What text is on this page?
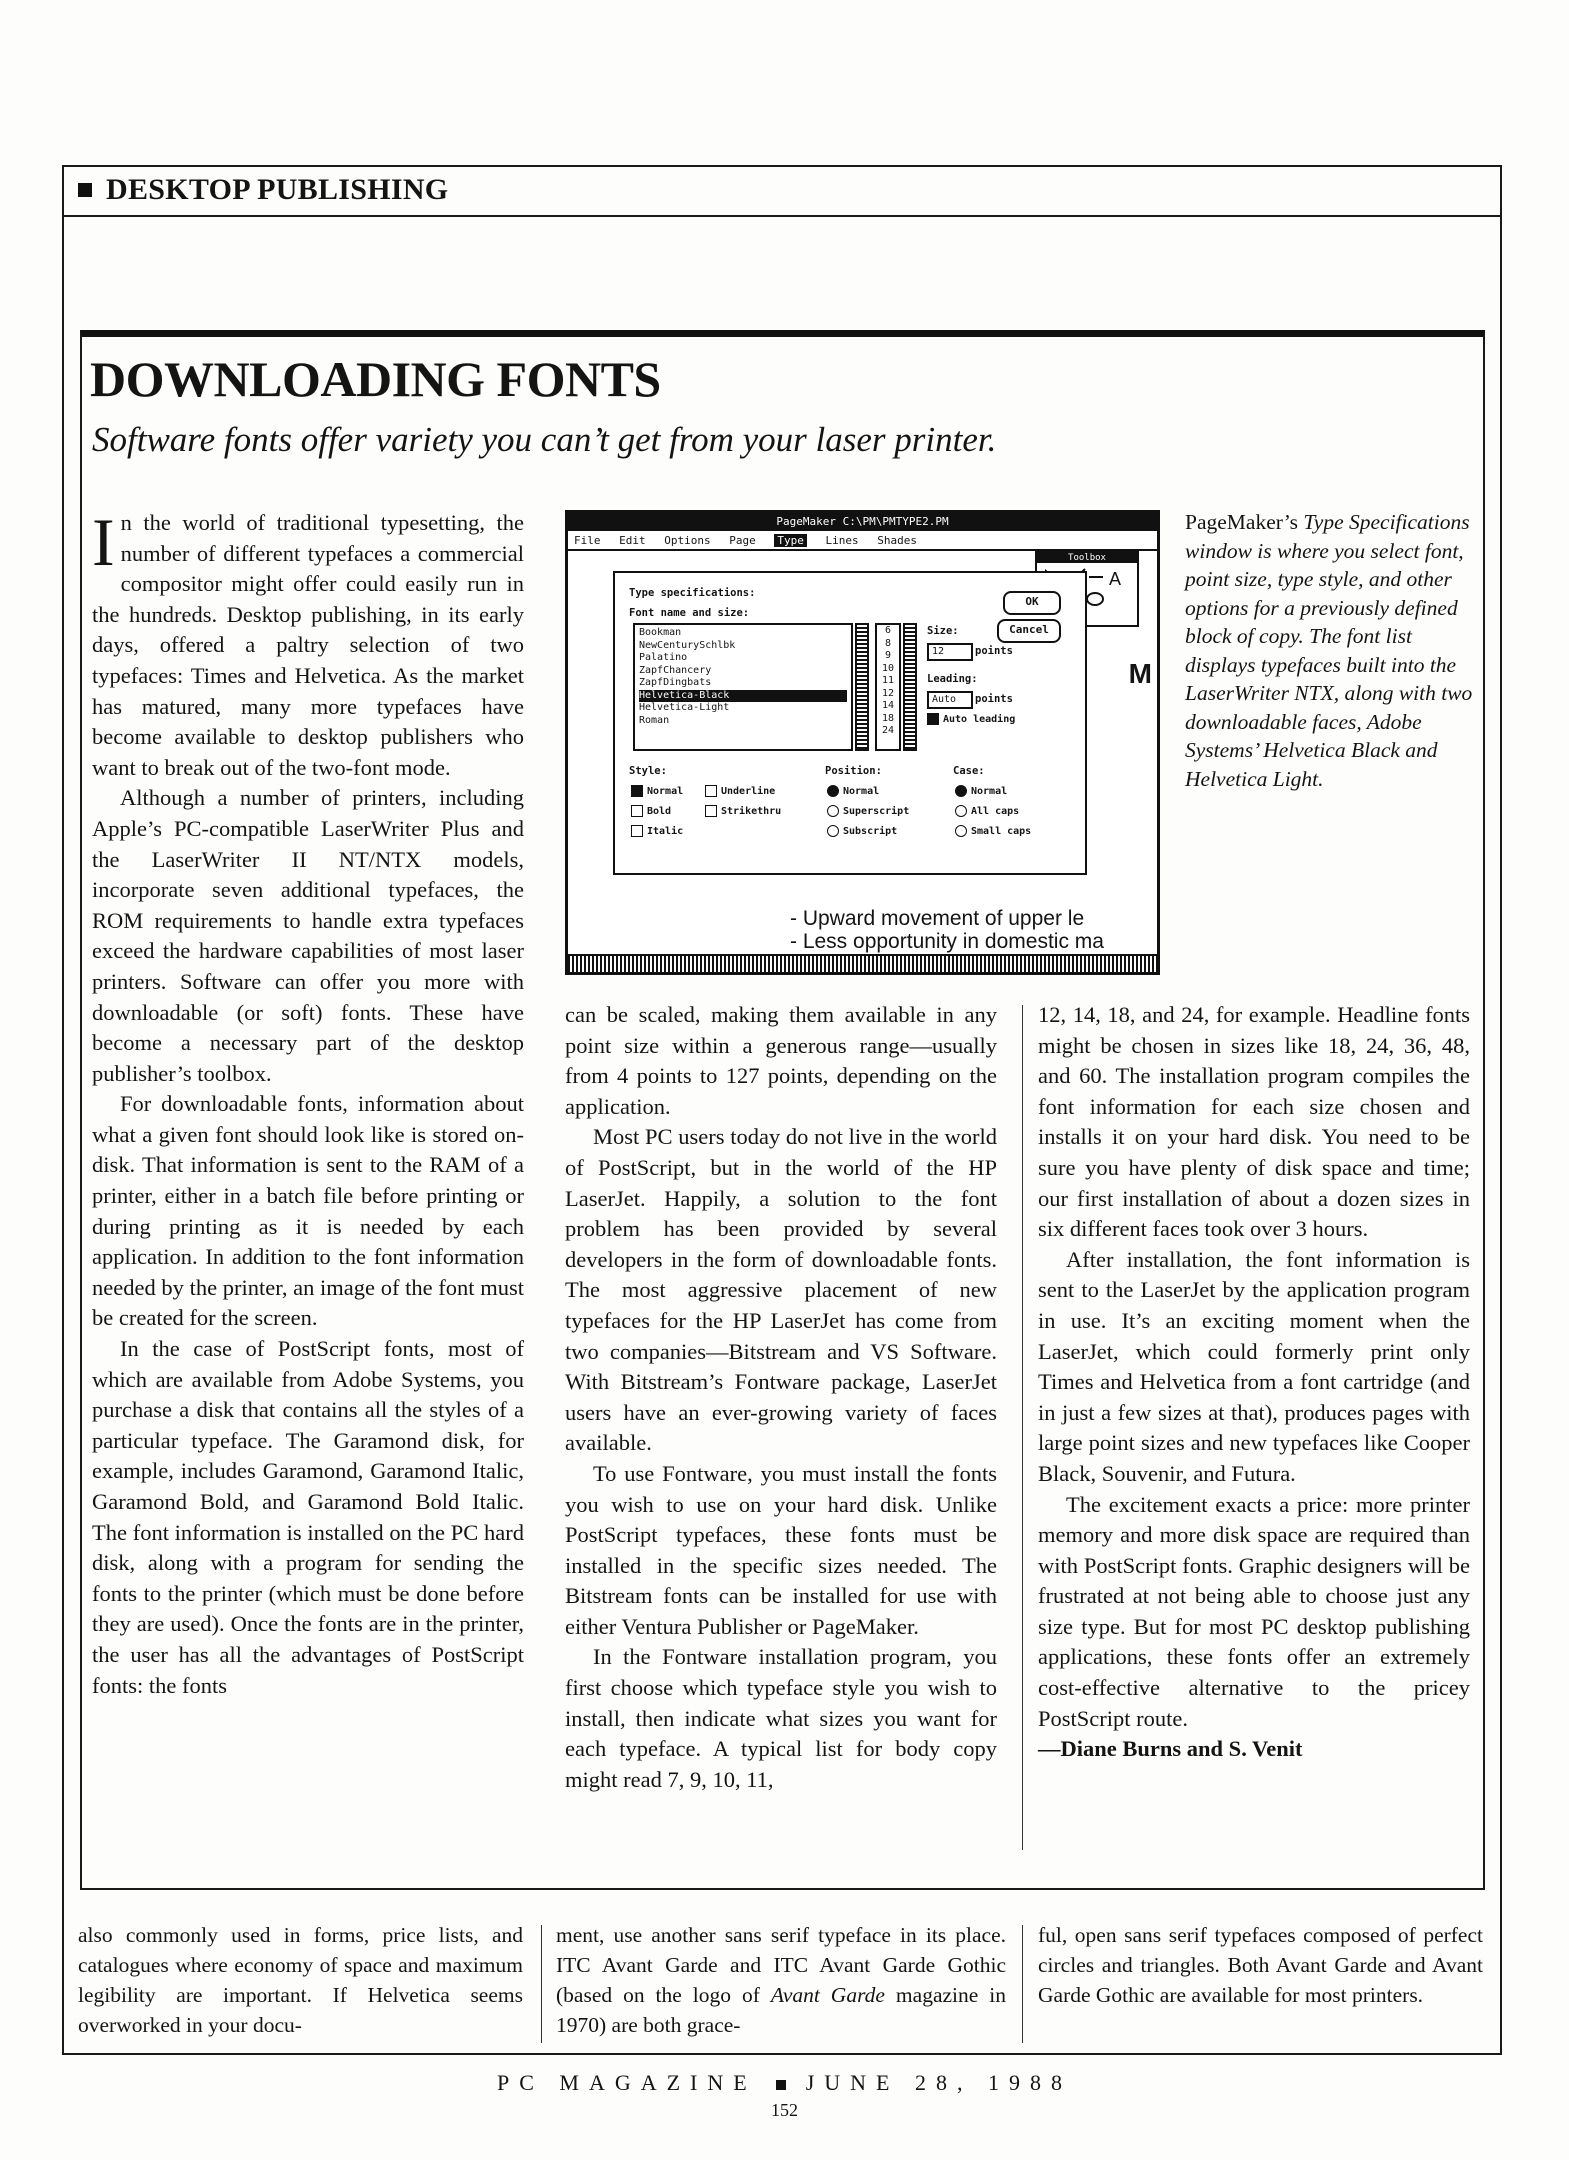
DESKTOP PUBLISHING
DOWNLOADING FONTS
Software fonts offer variety you can’t get from your laser printer.

In the world of traditional typesetting, the number of different typefaces a commercial compositor might offer could easily run in the hundreds. Desktop publishing, in its early days, offered a paltry selection of two typefaces: Times and Helvetica. As the market has matured, many more typefaces have become available to desktop publishers who want to break out of the two-font mode.

Although a number of printers, including Apple’s PC-compatible LaserWriter Plus and the LaserWriter II NT/NTX models, incorporate seven additional typefaces, the ROM requirements to handle extra typefaces exceed the hardware capabilities of most laser printers. Software can offer you more with downloadable (or soft) fonts. These have become a necessary part of the desktop publisher’s toolbox.

For downloadable fonts, information about what a given font should look like is stored on-disk. That information is sent to the RAM of a printer, either in a batch file before printing or during printing as it is needed by each application. In addition to the font information needed by the printer, an image of the font must be created for the screen.

In the case of PostScript fonts, most of which are available from Adobe Systems, you purchase a disk that contains all the styles of a particular typeface. The Garamond disk, for example, includes Garamond, Garamond Italic, Garamond Bold, and Garamond Bold Italic. The font information is installed on the PC hard disk, along with a program for sending the fonts to the printer (which must be done before they are used). Once the fonts are in the printer, the user has all the advantages of PostScript fonts: the fonts

PageMaker C:\PM\PMTYPE2.PM
File Edit Options Page Type Lines Shades
Toolbox
A
Type specifications:
Font name and size:
Bookman
NewCenturySchlbk
Palatino
ZapfChancery
ZapfDingbats
Helvetica-Black
Helvetica-Light
Roman
6
8
9
10
11
12
14
18
24
OK
Cancel
Size:
12	points
Leading:
Auto	points
Auto leading
Style:
Normal	Underline
Bold	Strikethru
Italic
Position:
Normal
Superscript
Subscript
Case:
Normal
All caps
Small caps
M
- Upward movement of upper le
- Less opportunity in domestic ma
PageMaker’s Type Specifications window is where you select font, point size, type style, and other options for a previously defined block of copy. The font list displays typefaces built into the LaserWriter NTX, along with two downloadable faces, Adobe Systems’ Helvetica Black and Helvetica Light.

can be scaled, making them available in any point size within a generous range—usually from 4 points to 127 points, depending on the application.

Most PC users today do not live in the world of PostScript, but in the world of the HP LaserJet. Happily, a solution to the font problem has been provided by several developers in the form of downloadable fonts. The most aggressive placement of new typefaces for the HP LaserJet has come from two companies—Bitstream and VS Software. With Bitstream’s Fontware package, LaserJet users have an ever-growing variety of faces available.

To use Fontware, you must install the fonts you wish to use on your hard disk. Unlike PostScript typefaces, these fonts must be installed in the specific sizes needed. The Bitstream fonts can be installed for use with either Ventura Publisher or PageMaker.

In the Fontware installation program, you first choose which typeface style you wish to install, then indicate what sizes you want for each typeface. A typical list for body copy might read 7, 9, 10, 11,

12, 14, 18, and 24, for example. Headline fonts might be chosen in sizes like 18, 24, 36, 48, and 60. The installation program compiles the font information for each size chosen and installs it on your hard disk. You need to be sure you have plenty of disk space and time; our first installation of about a dozen sizes in six different faces took over 3 hours.

After installation, the font information is sent to the LaserJet by the application program in use. It’s an exciting moment when the LaserJet, which could formerly print only Times and Helvetica from a font cartridge (and in just a few sizes at that), produces pages with large point sizes and new typefaces like Cooper Black, Souvenir, and Futura.

The excitement exacts a price: more printer memory and more disk space are required than with PostScript fonts. Graphic designers will be frustrated at not being able to choose just any size type. But for most PC desktop publishing applications, these fonts offer an extremely cost-effective alternative to the pricey PostScript route.

—Diane Burns and S. Venit

also commonly used in forms, price lists, and catalogues where economy of space and maximum legibility are important. If Helvetica seems overworked in your docu-

ment, use another sans serif typeface in its place. ITC Avant Garde and ITC Avant Garde Gothic (based on the logo of Avant Garde magazine in 1970) are both grace-

ful, open sans serif typefaces composed of perfect circles and triangles. Both Avant Garde and Avant Garde Gothic are available for most printers.

PC MAGAZINE JUNE 28, 1988
152
